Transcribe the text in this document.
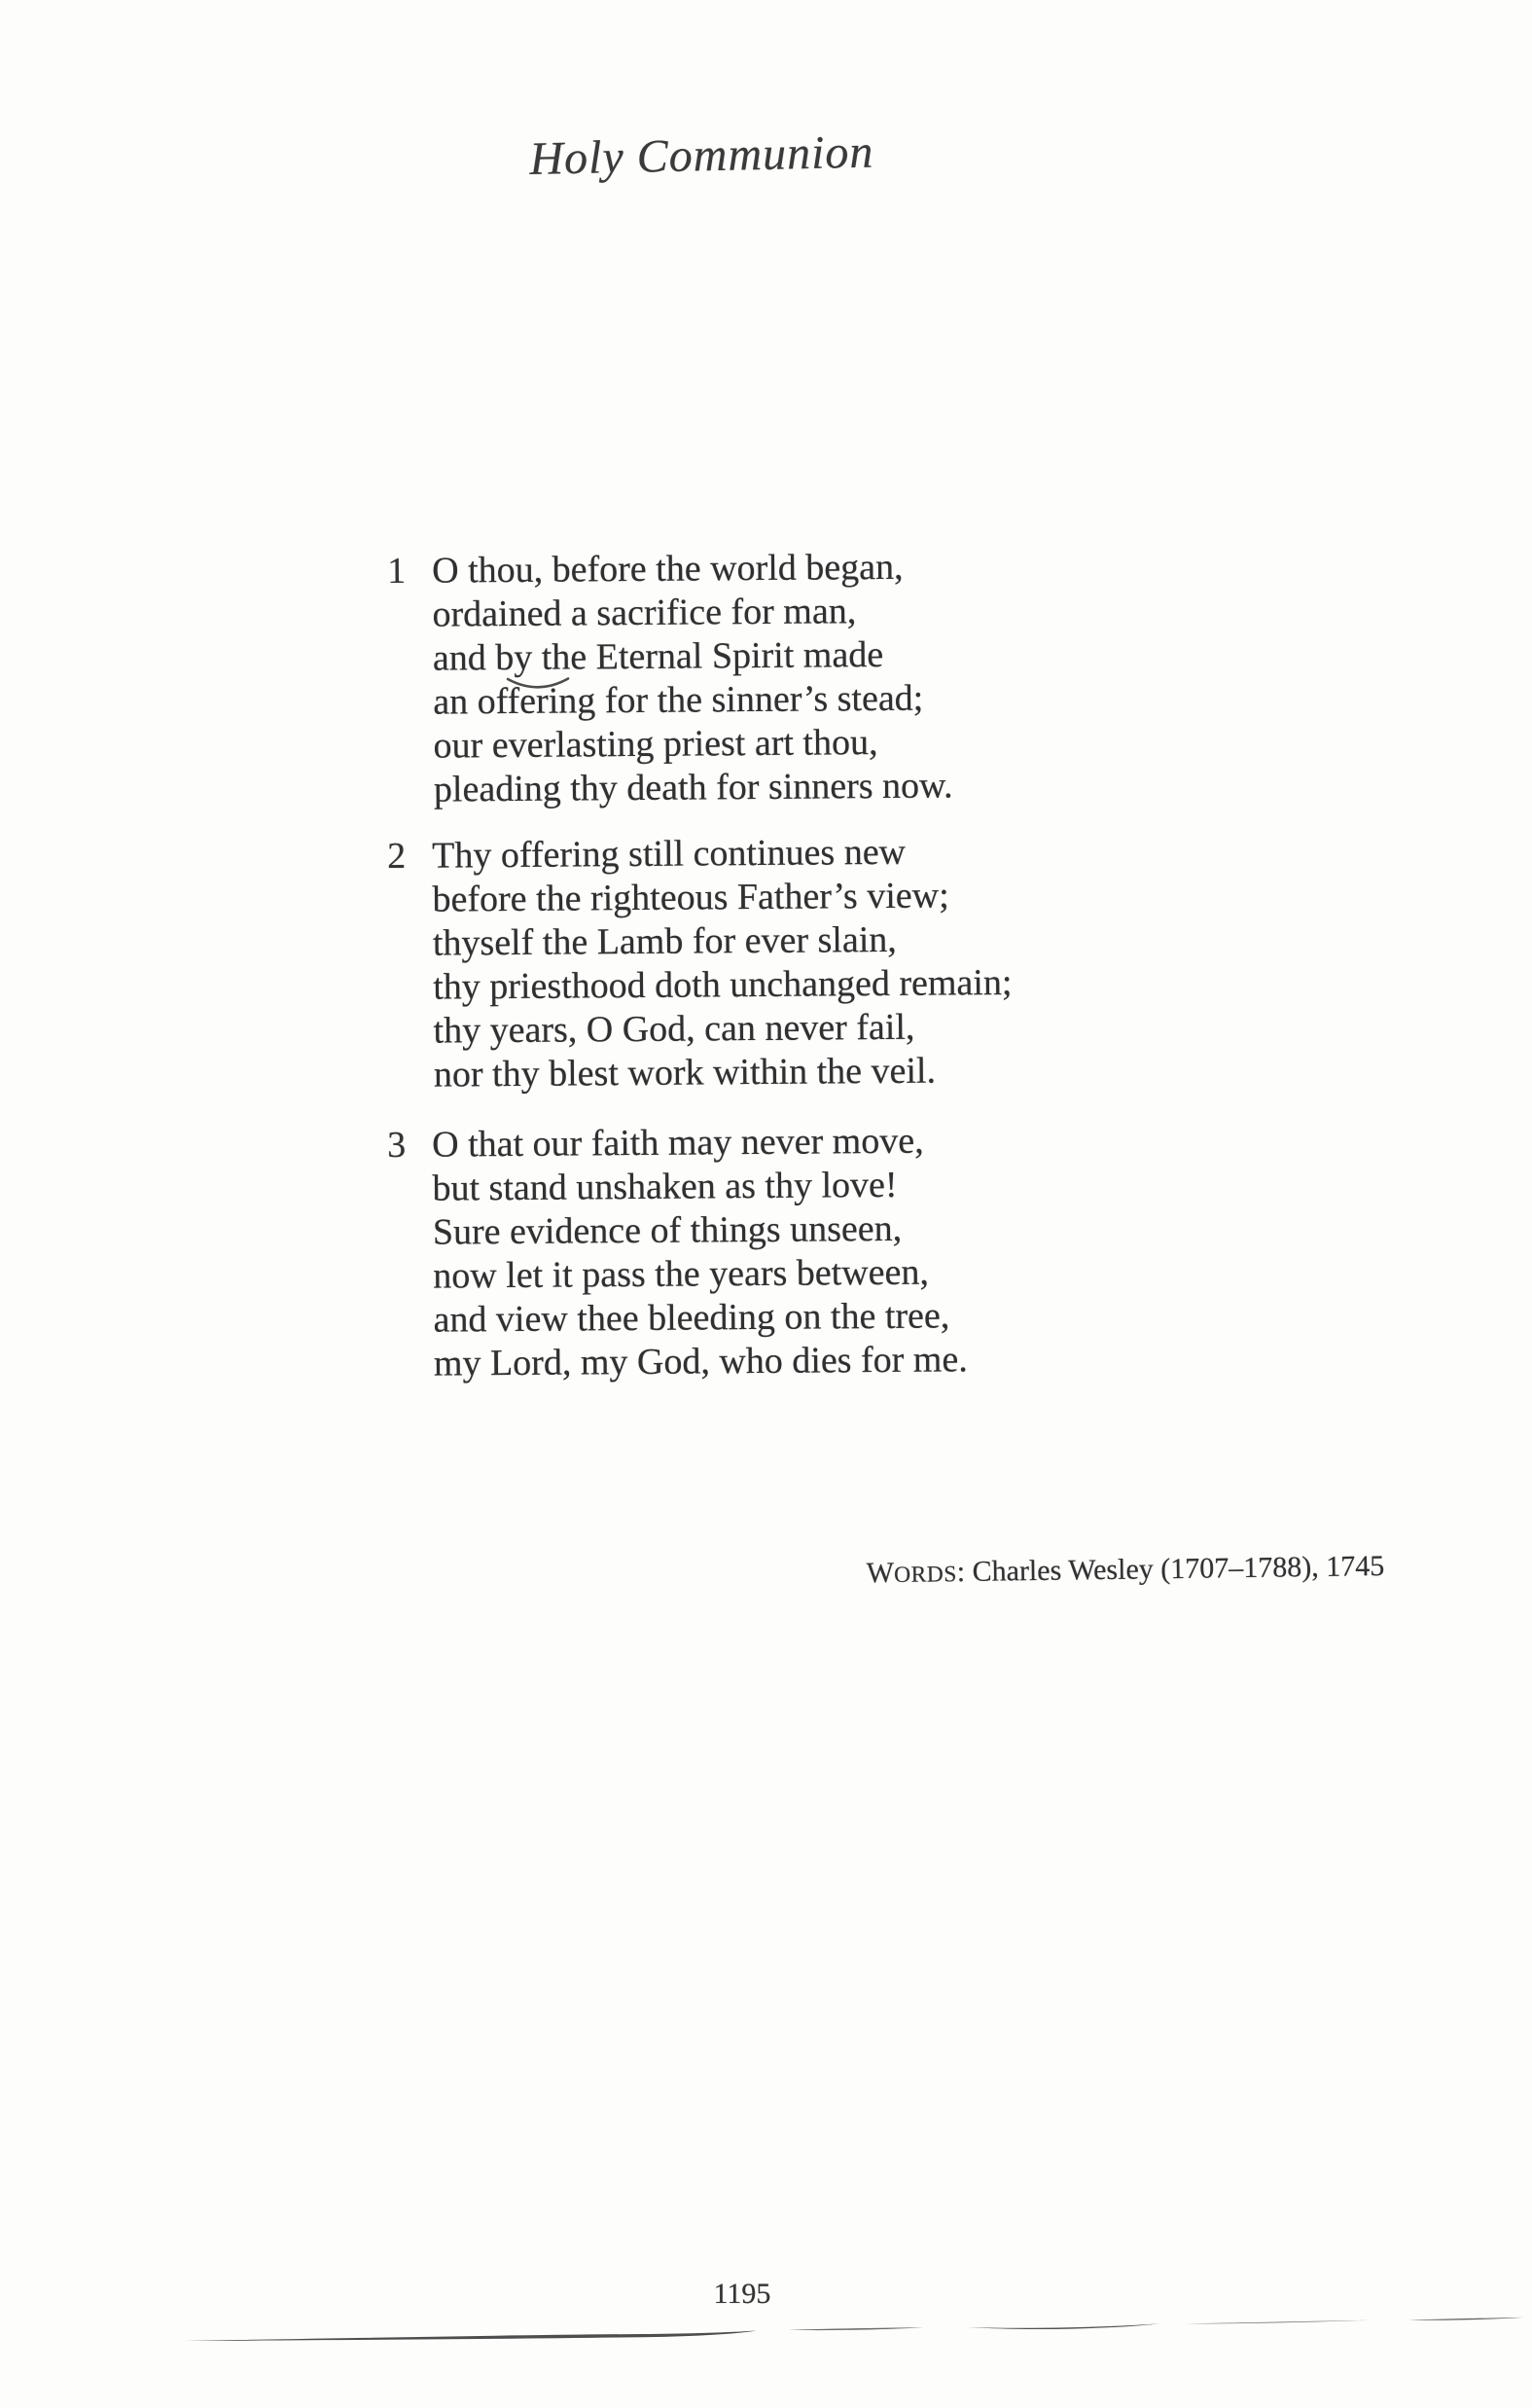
Holy Communion
1 O thou, before the world began,
ordained a sacrifice for man,
and by the Eternal Spirit made
an offering for the sinner’s stead;
our everlasting priest art thou,
pleading thy death for sinners now.
2 Thy offering still continues new
before the righteous Father’s view;
thyself the Lamb for ever slain,
thy priesthood doth unchanged remain;
thy years, O God, can never fail,
nor thy blest work within the veil.
3 O that our faith may never move,
but stand unshaken as thy love!
Sure evidence of things unseen,
now let it pass the years between,
and view thee bleeding on the tree,
my Lord, my God, who dies for me.
WORDS: Charles Wesley (1707–1788), 1745
1195
